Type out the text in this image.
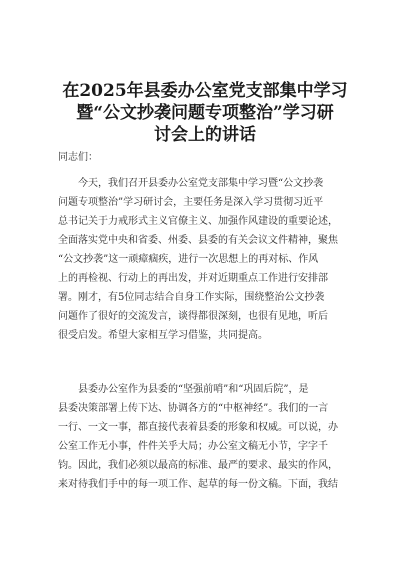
在2025年县委办公室党支部集中学习
暨“公文抄袭问题专项整治”学习研
讨会上的讲话

同志们：

今天，我们召开县委办公室党支部集中学习暨“公文抄袭
问题专项整治”学习研讨会，主要任务是深入学习贯彻习近平
总书记关于力戒形式主义官僚主义、加强作风建设的重要论述，
全面落实党中央和省委、州委、县委的有关会议文件精神，聚焦
“公文抄袭”这一顽瘴痼疾，进行一次思想上的再对标、作风
上的再检视、行动上的再出发，并对近期重点工作进行安排部
署。刚才，有5位同志结合自身工作实际，围绕整治公文抄袭
问题作了很好的交流发言，谈得都很深刻，也很有见地，听后
很受启发。希望大家相互学习借鉴，共同提高。
县委办公室作为县委的“坚强前哨”和“巩固后院”，是
县委决策部署上传下达、协调各方的“中枢神经”。我们的一言
一行、一文一事，都直接代表着县委的形象和权威。可以说，办
公室工作无小事，件件关乎大局；办公室文稿无小节，字字千
钧。因此，我们必须以最高的标准、最严的要求、最实的作风，
来对待我们手中的每一项工作、起草的每一份文稿。下面，我结
